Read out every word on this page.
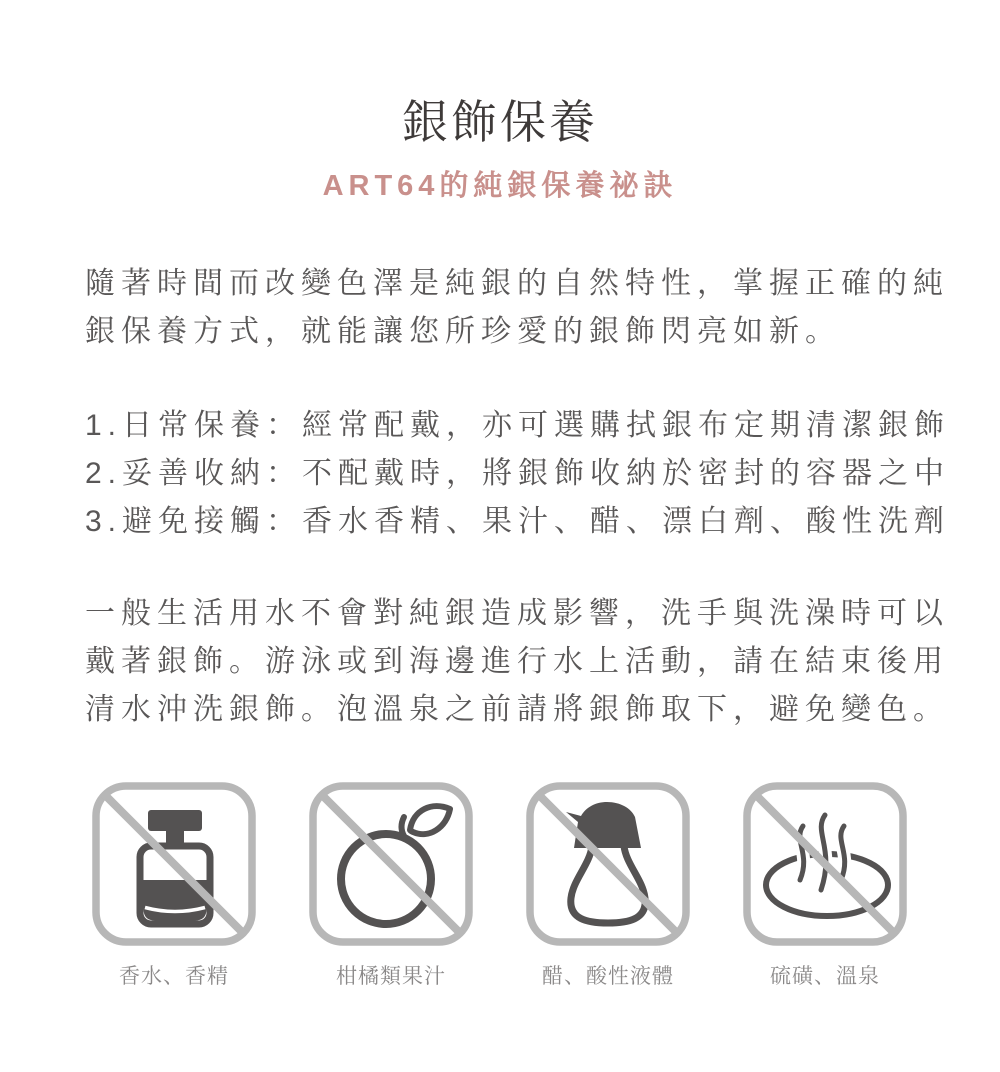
銀飾保養
ART64的純銀保養祕訣
隨著時間而改變色澤是純銀的自然特性，掌握正確的純
銀保養方式，就能讓您所珍愛的銀飾閃亮如新。
1.日常保養：經常配戴，亦可選購拭銀布定期清潔銀飾
2.妥善收納：不配戴時，將銀飾收納於密封的容器之中
3.避免接觸：香水香精、果汁、醋、漂白劑、酸性洗劑
一般生活用水不會對純銀造成影響，洗手與洗澡時可以
戴著銀飾。游泳或到海邊進行水上活動，請在結束後用
清水沖洗銀飾。泡溫泉之前請將銀飾取下，避免變色。
香水、香精	柑橘類果汁	醋、酸性液體	硫磺、溫泉
